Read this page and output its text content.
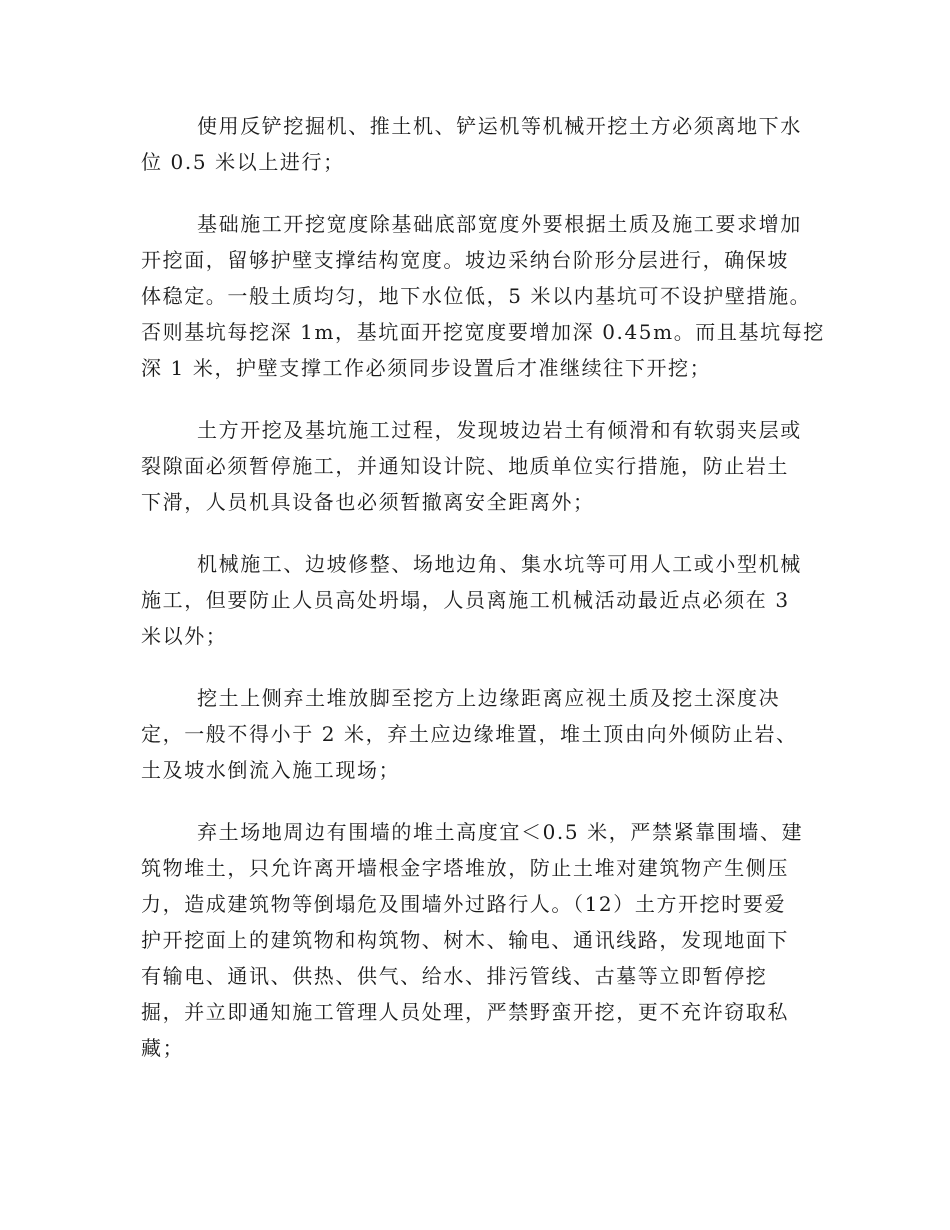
使用反铲挖掘机、推土机、铲运机等机械开挖土方必须离地下水
位 0.5 米以上进行；
基础施工开挖宽度除基础底部宽度外要根据土质及施工要求增加
开挖面，留够护壁支撑结构宽度。坡边采纳台阶形分层进行，确保坡
体稳定。一般土质均匀，地下水位低，5 米以内基坑可不设护壁措施。
否则基坑每挖深 1m，基坑面开挖宽度要增加深 0.45m。而且基坑每挖
深 1 米，护壁支撑工作必须同步设置后才准继续往下开挖；
土方开挖及基坑施工过程，发现坡边岩土有倾滑和有软弱夹层或
裂隙面必须暂停施工，并通知设计院、地质单位实行措施，防止岩土
下滑，人员机具设备也必须暂撤离安全距离外；
机械施工、边坡修整、场地边角、集水坑等可用人工或小型机械
施工，但要防止人员高处坍塌，人员离施工机械活动最近点必须在 3
米以外；
挖土上侧弃土堆放脚至挖方上边缘距离应视土质及挖土深度决
定，一般不得小于 2 米，弃土应边缘堆置，堆土顶由向外倾防止岩、
土及坡水倒流入施工现场；
弃土场地周边有围墙的堆土高度宜＜0.5 米，严禁紧靠围墙、建
筑物堆土，只允许离开墙根金字塔堆放，防止土堆对建筑物产生侧压
力，造成建筑物等倒塌危及围墙外过路行人。（12）土方开挖时要爱
护开挖面上的建筑物和构筑物、树木、输电、通讯线路，发现地面下
有输电、通讯、供热、供气、给水、排污管线、古墓等立即暂停挖
掘，并立即通知施工管理人员处理，严禁野蛮开挖，更不充许窃取私
藏；
